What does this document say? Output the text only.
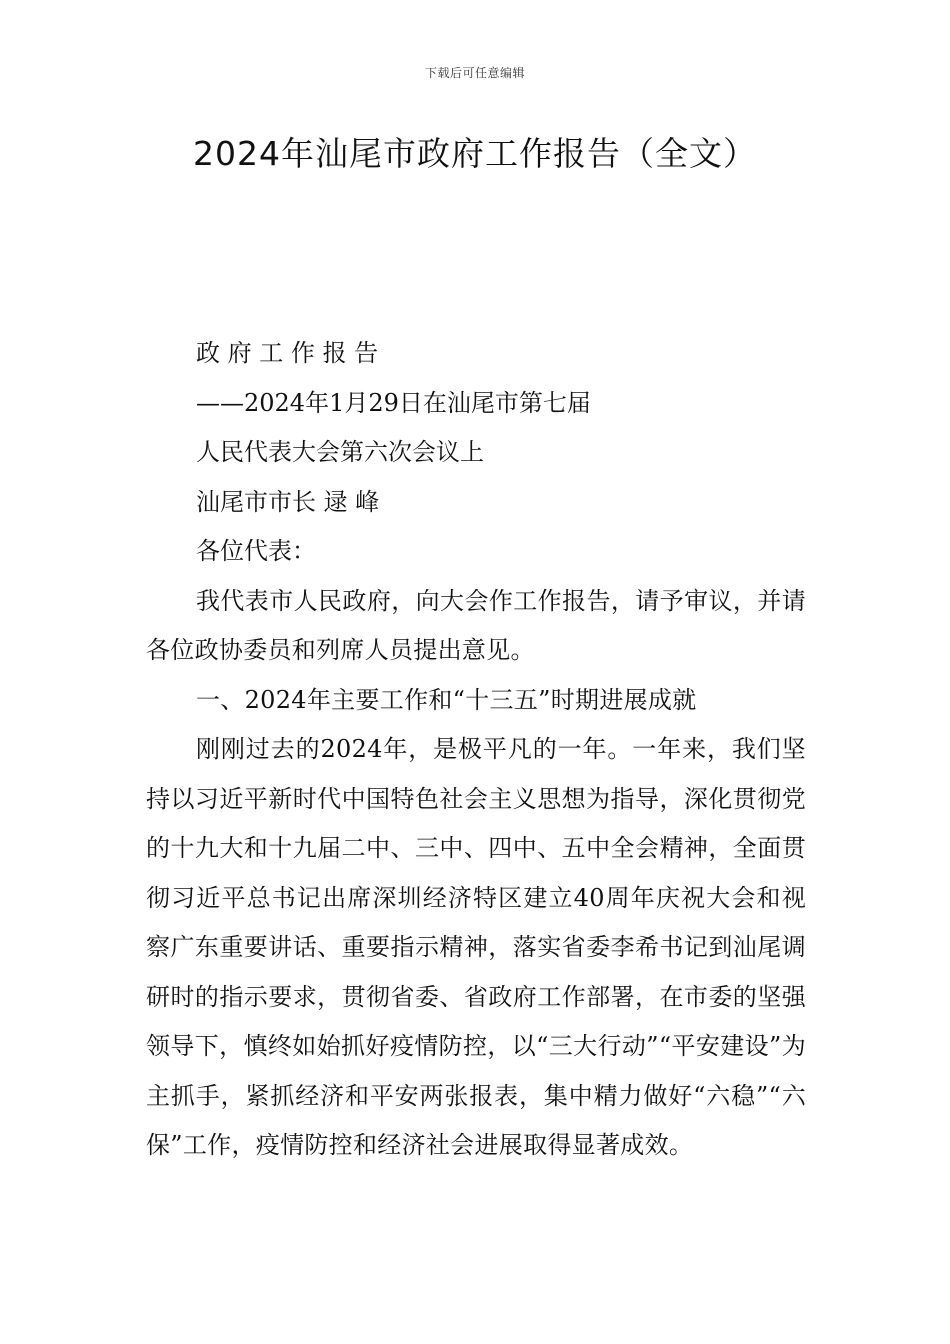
下载后可任意编辑
2024年汕尾市政府工作报告（全文）
政 府 工 作 报 告
——2024年1月29日在汕尾市第七届
人民代表大会第六次会议上
汕尾市市长 逯 峰
各位代表：

我代表市人民政府，向大会作工作报告，请予审议，并请各位政协委员和列席人员提出意见。

一、2024年主要工作和“十三五”时期进展成就

刚刚过去的2024年，是极平凡的一年。一年来，我们坚持以习近平新时代中国特色社会主义思想为指导，深化贯彻党的十九大和十九届二中、三中、四中、五中全会精神，全面贯彻习近平总书记出席深圳经济特区建立40周年庆祝大会和视察广东重要讲话、重要指示精神，落实省委李希书记到汕尾调研时的指示要求，贯彻省委、省政府工作部署，在市委的坚强领导下，慎终如始抓好疫情防控，以“三大行动”“平安建设”为主抓手，紧抓经济和平安两张报表，集中精力做好“六稳”“六保”工作，疫情防控和经济社会进展取得显著成效。
